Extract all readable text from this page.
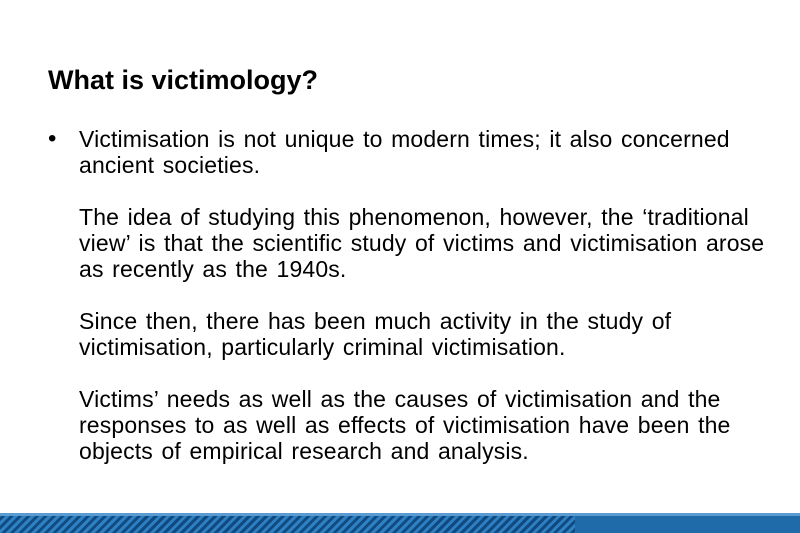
What is victimology?
• Victimisation is not unique to modern times; it also concerned ancient societies.

The idea of studying this phenomenon, however, the ‘traditional view’ is that the scientific study of victims and victimisation arose as recently as the 1940s.

Since then, there has been much activity in the study of victimisation, particularly criminal victimisation.

Victims’ needs as well as the causes of victimisation and the responses to as well as effects of victimisation have been the objects of empirical research and analysis.
